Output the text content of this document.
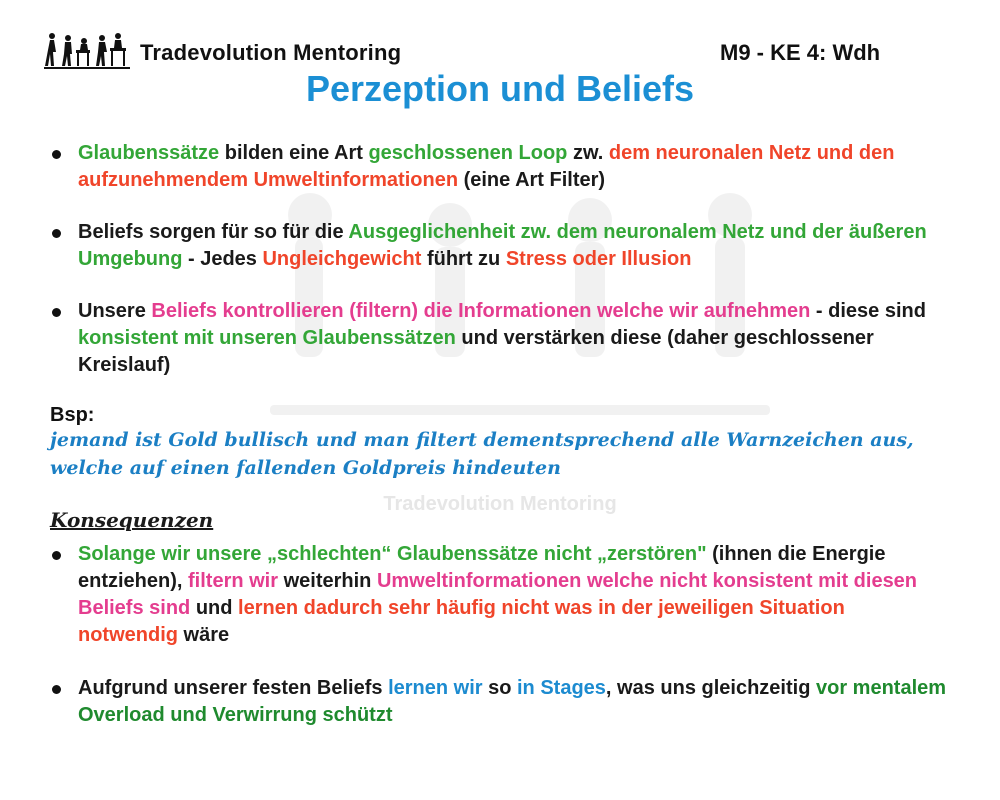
Tradevolution Mentoring	M9 - KE 4: Wdh
Perzeption und Beliefs
Glaubenssätze bilden eine Art geschlossenen Loop zw. dem neuronalen Netz und den aufzunehmendem Umweltinformationen (eine Art Filter)
Beliefs sorgen für so für die Ausgeglichenheit zw. dem neuronalem Netz und der äußeren Umgebung - Jedes Ungleichgewicht führt zu Stress oder Illusion
Unsere Beliefs kontrollieren (filtern) die Informationen welche wir aufnehmen - diese sind konsistent mit unseren Glaubenssätzen und verstärken diese (daher geschlossener Kreislauf)
Bsp:
jemand ist Gold bullisch und man filtert dementsprechend alle Warnzeichen aus, welche auf einen fallenden Goldpreis hindeuten
Tradevolution Mentoring
Konsequenzen
Solange wir unsere „schlechten“ Glaubenssätze nicht „zerstören" (ihnen die Energie entziehen), filtern wir weiterhin Umweltinformationen welche nicht konsistent mit diesen Beliefs sind und lernen dadurch sehr häufig nicht was in der jeweiligen Situation notwendig wäre
Aufgrund unserer festen Beliefs lernen wir so in Stages, was uns gleichzeitig vor mentalem Overload und Verwirrung schützt
